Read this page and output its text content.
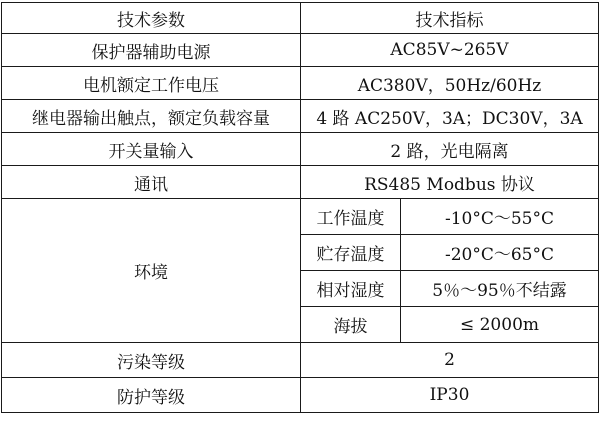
技术参数	技术指标	
保护器辅助电源	AC85V~265V	
电机额定工作电压	AC380V，50Hz/60Hz	
继电器输出触点，额定负载容量	4 路 AC250V，3A；DC30V，3A	
开关量输入	2 路，光电隔离	
通讯	RS485 Modbus 协议	
环境	工作温度	-10°C～55°C
	贮存温度	-20°C～65°C
	相对湿度	5％～95％不结露
	海拔	≤ 2000m
污染等级	2	
防护等级	IP30	
